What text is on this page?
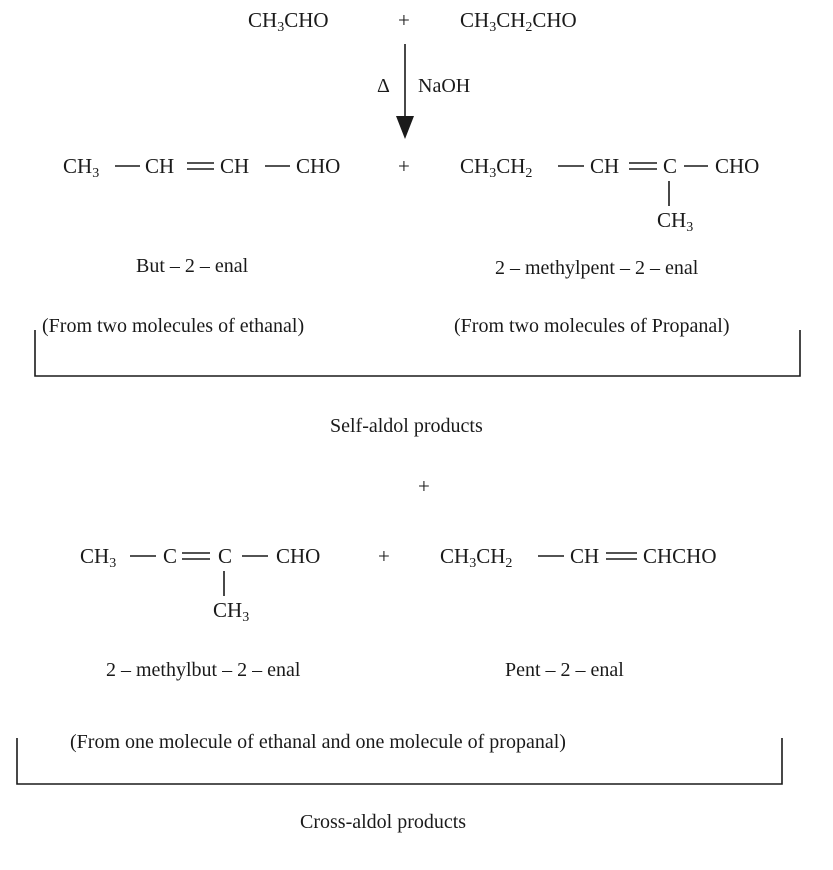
$CH_3CHO$	+ $CH_3CH_2CHO$
Δ NaOH
$CH_3$ CH CH CHO	+ $CH_3CH_2$	CH C CHO
$CH_3$
But – 2 – enal	2 – methylpent – 2 – enal
(From two molecules of ethanal)	(From two molecules of Propanal)
Self-aldol products
+
$CH_3$ C C CHO
$CH_3$
+ $CH_3CH_2$	CH CHCHO
2 – methylbut – 2 – enal	Pent – 2 – enal
(From one molecule of ethanal and one molecule of propanal)
Cross-aldol products
